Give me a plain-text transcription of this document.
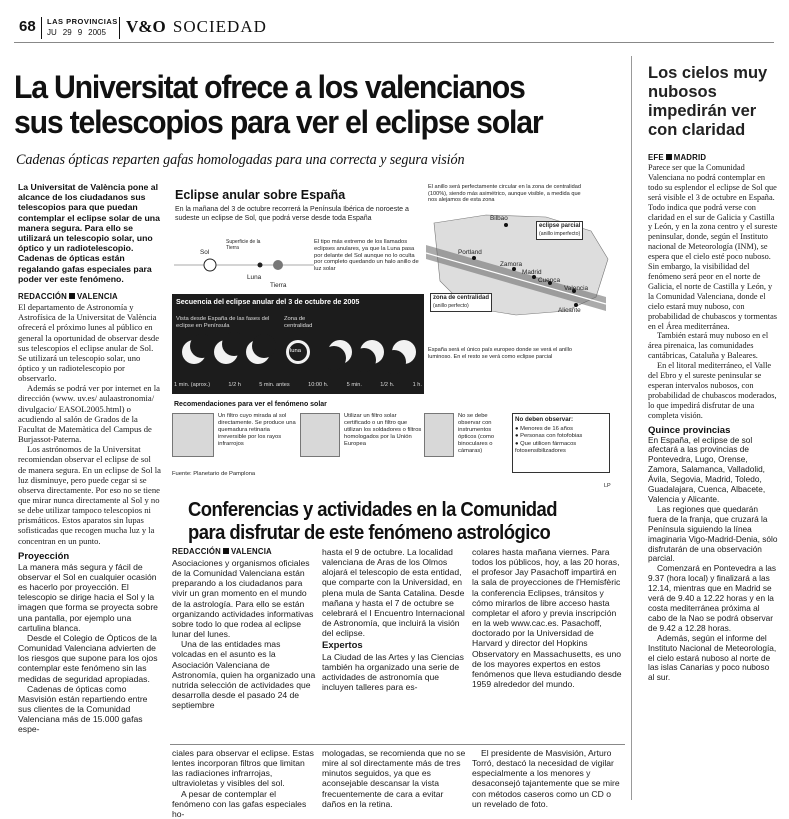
68 LAS PROVINCIAS
JU 29 9 2005 V&O SOCIEDAD
La Universitat ofrece a los valencianos
sus telescopios para ver el eclipse solar
Cadenas ópticas reparten gafas homologadas para una correcta y segura visión
La Universitat de València pone al alcance de los ciudadanos sus telescopios para que puedan contemplar el eclipse solar de una manera segura. Para ello se utilizará un telescopio solar, uno óptico y un radiotelescopio. Cadenas de ópticas están regalando gafas especiales para poder ver este fenómeno.
REDACCIÓN VALENCIA

El departamento de Astronomía y Astrofísica de la Universitat de València ofrecerá el próximo lunes al público en general la oportunidad de observar desde sus telescopios el eclipse anular de Sol. Se utilizará un telescopio solar, uno óptico y un radiotelescopio por observarlo.

Además se podrá ver por internet en la dirección (www. uv.es/ aulaastronomia/ divulgacio/ EASOL2005.html) o acudiendo al salón de Grados de la Facultat de Matemàtica del Campus de Burjassot-Paterna.

Los astrónomos de la Universitat recomiendan observar el eclipse de sol de manera segura. En un eclipse de Sol la luz disminuye, pero puede cegar si se observa directamente. Por eso no se tiene que mirar nunca directamente al Sol y no se debe utilizar tampoco telescopios ni prismáticos. Estos aparatos sin lupas sofisticadas que recogen mucha luz y la concentran en un punto.

Proyección

La manera más segura y fácil de observar el Sol en cualquier ocasión es hacerlo por proyección. El telescopio se dirige hacia el Sol y la imagen que forma se proyecta sobre una pantalla, por ejemplo una cartulina blanca.

Desde el Colegio de Ópticos de la Comunidad Valenciana advierten de los riesgos que supone para los ojos contemplar este fenómeno sin las medidas de seguridad apropiadas.

Cadenas de ópticas como Masvisión están repartiendo entre sus clientes de la Comunidad Valenciana más de 15.000 gafas espe-

Eclipse anular sobre España
En la mañana del 3 de octubre recorrerá la Península Ibérica de noroeste a sudeste un eclipse de Sol, que podrá verse desde toda España
Sol
Superficie de la Tierra
Luna
Tierra
El tipo más extremo de los llamados eclipses anulares, ya que la Luna pasa por delante del Sol aunque no lo oculta por completo quedando un halo anillo de luz solar
El anillo será perfectamente circular en la zona de centralidad (100%), siendo más asimétrico, aunque visible, a medida que nos alejamos de esta zona
Bilbao
Portland
Zamora
Madrid
Cuenca
Valencia
Alicante
eclipse parcial
(anillo imperfecto)
zona de centralidad
(anillo perfecto)
España será el único país europeo donde se verá el anillo luminoso. En el resto se verá como eclipse parcial
Secuencia del eclipse anular del 3 de octubre de 2005
Vista desde España de las fases del eclipse en Península
Zona de centralidad
luna
1 min. (aprox.)	1/2 h	5 min. antes	10:00 h.	5 min.	1/2 h.	1 h.
Recomendaciones para ver el fenómeno solar
Un filtro cuyo mirada al sol directamente. Se produce una quemadura retinaria irreversible por los rayos infrarrojos
Utilizar un filtro solar certificado o un filtro que utilizan los soldadores o filtros homologados por la Unión Europea
No se debe observar con instrumentos ópticos (como binoculares o cámaras)
No deben observar:
● Menores de 16 años
● Personas con fotofobias
● Que utilicen fármacos fotosensibilizadores
Fuente: Planetario de Pamplona
LP
Conferencias y actividades en la Comunidad
para disfrutar de este fenómeno astrológico
REDACCIÓN VALENCIA

Asociaciones y organismos oficiales de la Comunidad Valenciana están preparando a los ciudadanos para vivir un gran momento en el mundo de la astrología. Para ello se están organizando actividades informativas sobre todo lo que rodea al eclipse lunar del lunes.

Una de las entidades mas volcadas en el asunto es la Asociación Valenciana de Astronomía, quien ha organizado una nutrida selección de actividades que desarrolla desde el pasado 24 de septiembre

hasta el 9 de octubre. La localidad valenciana de Aras de los Olmos alojará el telescopio de esta entidad, que comparte con la Universidad, en plena mula de Santa Catalina. Desde mañana y hasta el 7 de octubre se celebrará el I Encuentro Internacional de Astronomía, que incluirá la visión del eclipse.

Expertos

La Ciudad de las Artes y las Ciencias también ha organizado una serie de actividades de astronomía que incluyen talleres para es-

colares hasta mañana viernes. Para todos los públicos, hoy, a las 20 horas, el profesor Jay Pasachoff impartirá en la sala de proyecciones de l'Hemisfèric la conferencia Eclipses, tránsitos y cómo mirarlos de libre acceso hasta completar el aforo y previa inscripción en la web www.cac.es. Pasachoff, doctorado por la Universidad de Harvard y director del Hopkins Observatory en Massachusetts, es uno de los mayores expertos en estos fenómenos que lleva estudiando desde 1959 alrededor del mundo.

ciales para observar el eclipse. Estas lentes incorporan filtros que limitan las radiaciones infrarrojas, ultravioletas y visibles del sol.

A pesar de contemplar el fenómeno con las gafas especiales ho-

mologadas, se recomienda que no se mire al sol directamente más de tres minutos seguidos, ya que es aconsejable descansar la vista frecuentemente de cara a evitar daños en la retina.

El presidente de Masvisión, Arturo Torró, destacó la necesidad de vigilar especialmente a los menores y desaconsejó tajantemente que se mire con métodos caseros como un CD o un revelado de foto.

Los cielos muy nubosos impedirán ver con claridad
EFE MADRID

Parece ser que la Comunidad Valenciana no podrá contemplar en todo su esplendor el eclipse de Sol que será visible el 3 de octubre en España. Todo indica que podrá verse con claridad en el sur de Galicia y Castilla y León, y en la zona centro y el sureste peninsular, donde, según el Instituto nacional de Meteorología (INM), se espera que el cielo esté poco nuboso. Sin embargo, la visibilidad del fenómeno será peor en el norte de Galicia, el norte de Castilla y León, y la Comunidad Valenciana, donde el cielo estará muy nuboso, con probabilidad de chubascos y tormentas en el Área mediterránea.

También estará muy nuboso en el área pirenaica, las comunidades cantábricas, Cataluña y Baleares.

En el litoral mediterráneo, el Valle del Ebro y el sureste peninsular se esperan intervalos nubosos, con probabilidad de chubascos moderados, lo que impedirá disfrutar de una completa visión.

Quince provincias

En España, el eclipse de sol afectará a las provincias de Pontevedra, Lugo, Orense, Zamora, Salamanca, Valladolid, Ávila, Segovia, Madrid, Toledo, Guadalajara, Cuenca, Albacete, Valencia y Alicante.

Las regiones que quedarán fuera de la franja, que cruzará la Península siguiendo la línea imaginaria Vigo-Madrid-Denia, sólo disfrutarán de una observación parcial.

Comenzará en Pontevedra a las 9.37 (hora local) y finalizará a las 12.14, mientras que en Madrid se verá de 9.40 a 12.22 horas y en la costa mediterránea próxima al cabo de la Nao se podrá observar de 9.42 a 12.28 horas.

Además, según el informe del Instituto Nacional de Meteorología, el cielo estará nuboso al norte de las islas Canarias y poco nuboso al sur.
